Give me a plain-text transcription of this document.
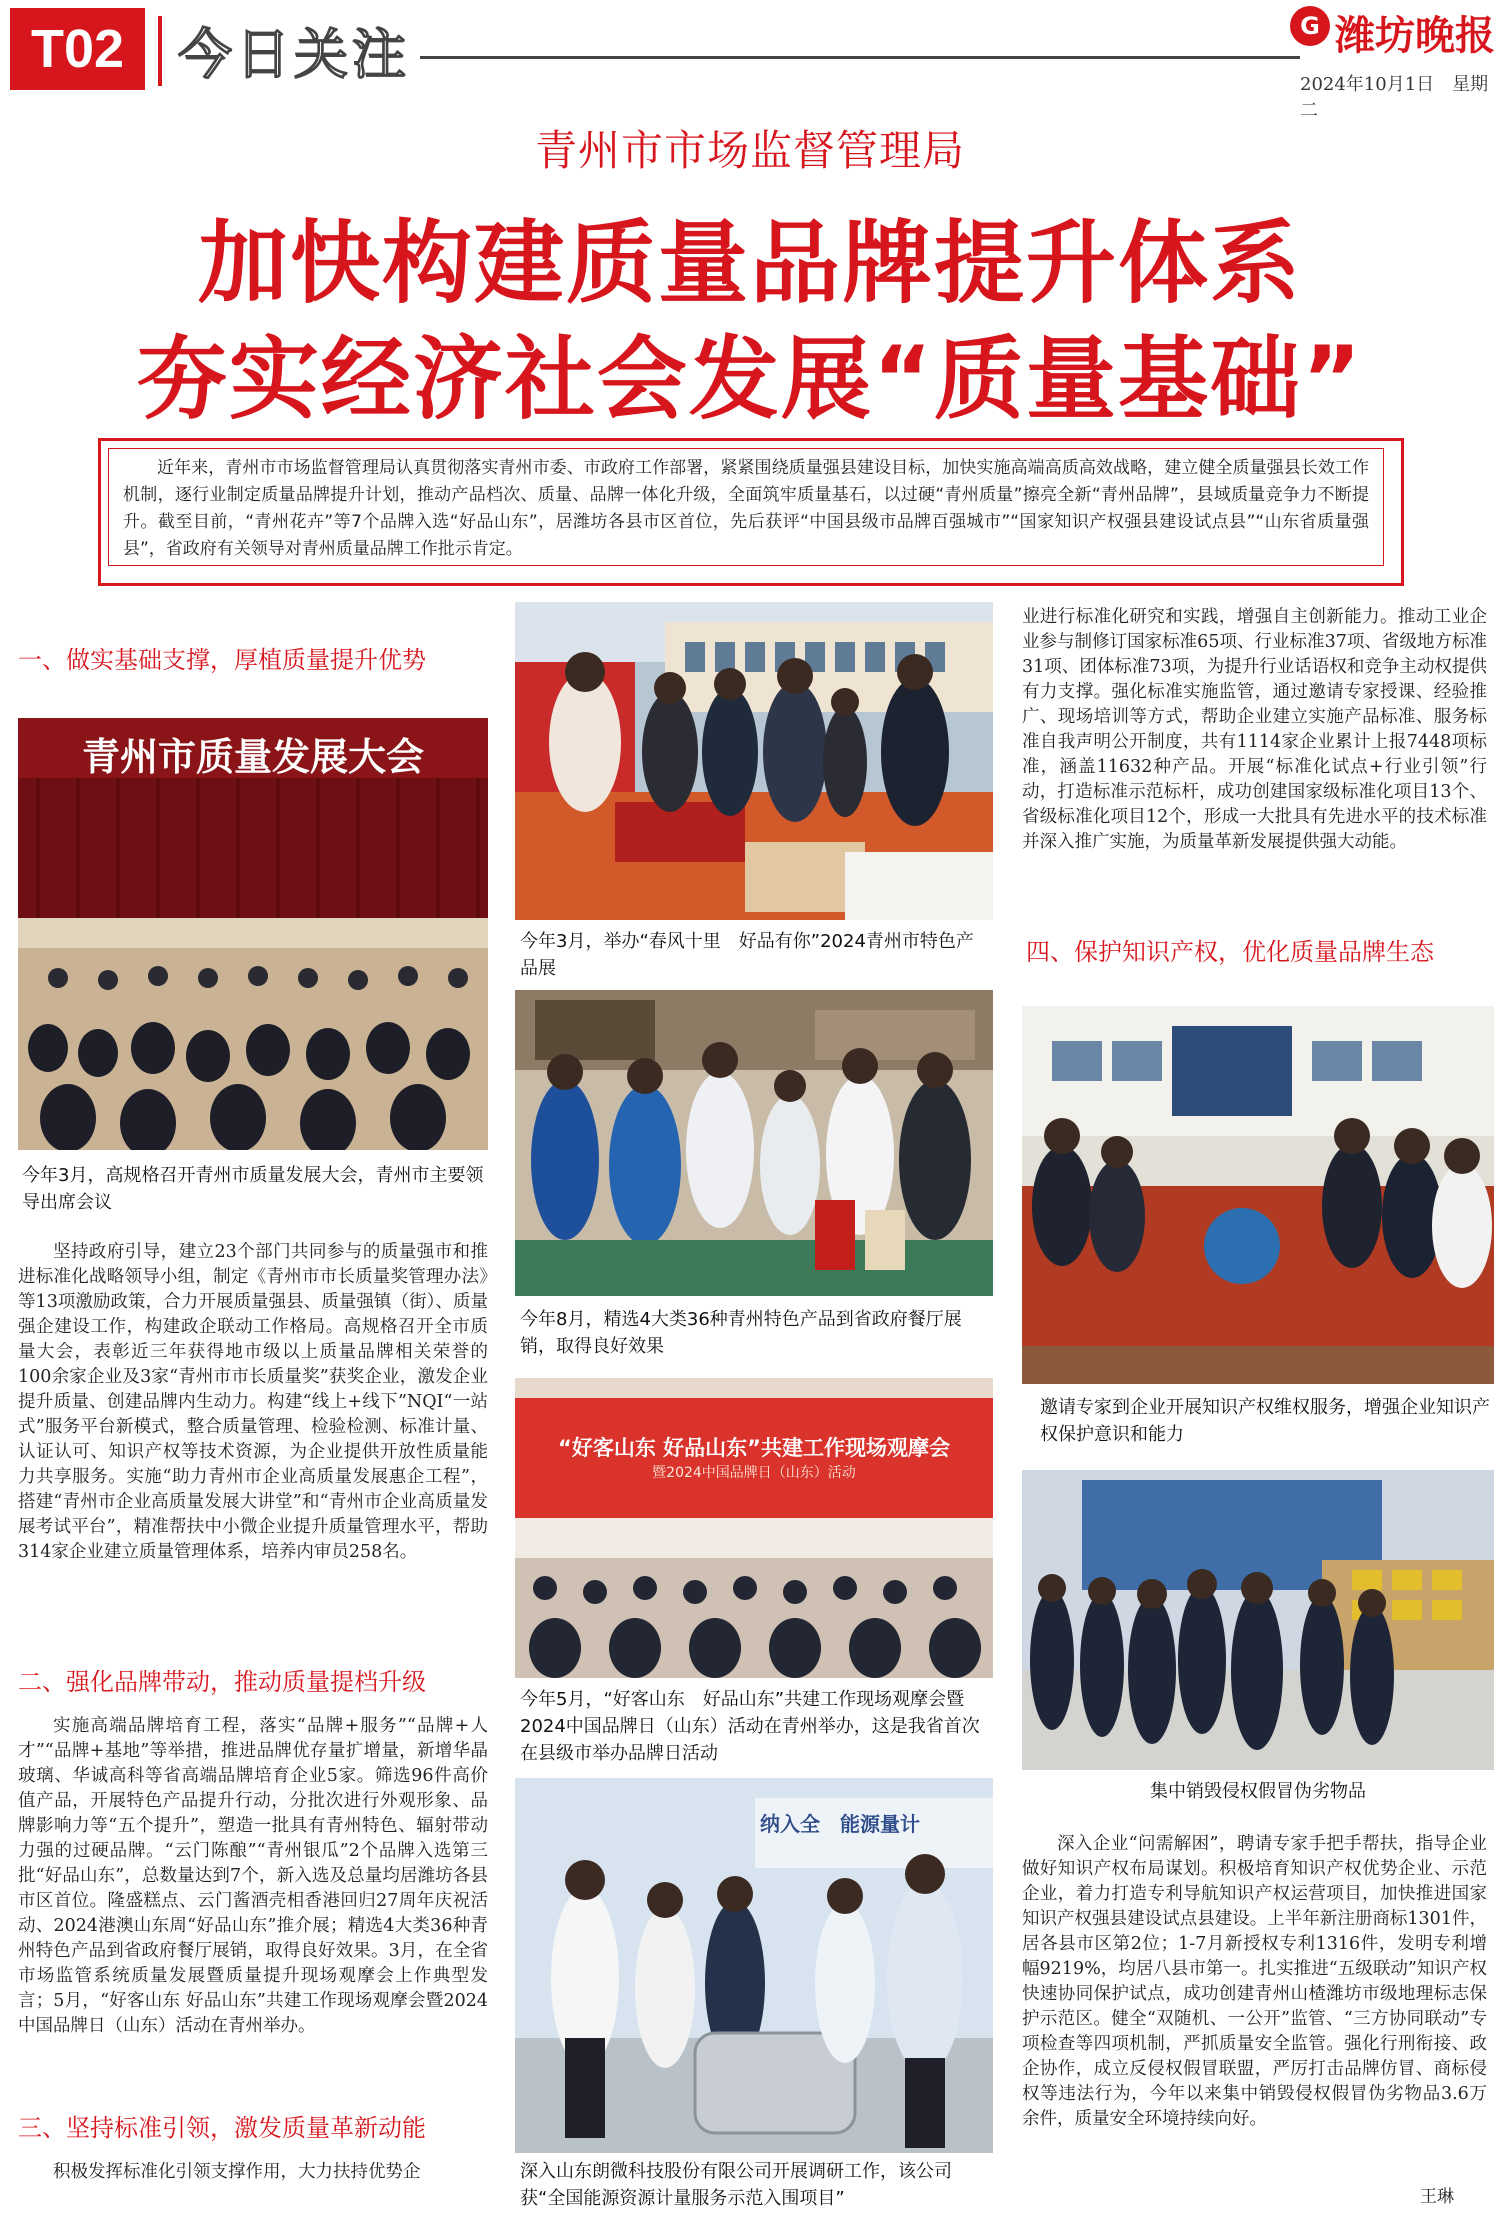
T02 今日关注	G 潍坊晚报
2024年10月1日　星期二
青州市市场监督管理局
加快构建质量品牌提升体系
夯实经济社会发展“质量基础”
近年来，青州市市场监督管理局认真贯彻落实青州市委、市政府工作部署，紧紧围绕质量强县建设目标，加快实施高端高质高效战略，建立健全质量强县长效工作机制，逐行业制定质量品牌提升计划，推动产品档次、质量、品牌一体化升级，全面筑牢质量基石，以过硬“青州质量”擦亮全新“青州品牌”，县域质量竞争力不断提升。截至目前，“青州花卉”等7个品牌入选“好品山东”，居潍坊各县市区首位，先后获评“中国县级市品牌百强城市”“国家知识产权强县建设试点县”“山东省质量强县”，省政府有关领导对青州质量品牌工作批示肯定。
一、做实基础支撑，厚植质量提升优势
青州市质量发展大会
今年3月，高规格召开青州市质量发展大会，青州市主要领导出席会议
坚持政府引导，建立23个部门共同参与的质量强市和推进标准化战略领导小组，制定《青州市市长质量奖管理办法》等13项激励政策，合力开展质量强县、质量强镇（街）、质量强企建设工作，构建政企联动工作格局。高规格召开全市质量大会，表彰近三年获得地市级以上质量品牌相关荣誉的100余家企业及3家“青州市市长质量奖”获奖企业，激发企业提升质量、创建品牌内生动力。构建“线上+线下”NQI“一站式”服务平台新模式，整合质量管理、检验检测、标准计量、认证认可、知识产权等技术资源，为企业提供开放性质量能力共享服务。实施“助力青州市企业高质量发展惠企工程”，搭建“青州市企业高质量发展大讲堂”和“青州市企业高质量发展考试平台”，精准帮扶中小微企业提升质量管理水平，帮助314家企业建立质量管理体系，培养内审员258名。
二、强化品牌带动，推动质量提档升级
实施高端品牌培育工程，落实“品牌+服务”“品牌+人才”“品牌+基地”等举措，推进品牌优存量扩增量，新增华晶玻璃、华诚高科等省高端品牌培育企业5家。筛选96件高价值产品，开展特色产品提升行动，分批次进行外观形象、品牌影响力等“五个提升”，塑造一批具有青州特色、辐射带动力强的过硬品牌。“云门陈酿”“青州银瓜”2个品牌入选第三批“好品山东”，总数量达到7个，新入选及总量均居潍坊各县市区首位。隆盛糕点、云门酱酒壳相香港回归27周年庆祝活动、2024港澳山东周“好品山东”推介展；精选4大类36种青州特色产品到省政府餐厅展销，取得良好效果。3月，在全省市场监管系统质量发展暨质量提升现场观摩会上作典型发言；5月，“好客山东 好品山东”共建工作现场观摩会暨2024中国品牌日（山东）活动在青州举办。
三、坚持标准引领，激发质量革新动能
积极发挥标准化引领支撑作用，大力扶持优势企
今年3月，举办“春风十里　好品有你”2024青州市特色产品展
今年8月，精选4大类36种青州特色产品到省政府餐厅展销，取得良好效果
“好客山东 好品山东”共建工作现场观摩会
暨2024中国品牌日（山东）活动
今年5月，“好客山东　好品山东”共建工作现场观摩会暨2024中国品牌日（山东）活动在青州举办，这是我省首次在县级市举办品牌日活动
纳入全　能源量计
深入山东朗微科技股份有限公司开展调研工作，该公司获“全国能源资源计量服务示范入围项目”
业进行标准化研究和实践，增强自主创新能力。推动工业企业参与制修订国家标准65项、行业标准37项、省级地方标准31项、团体标准73项，为提升行业话语权和竞争主动权提供有力支撑。强化标准实施监管，通过邀请专家授课、经验推广、现场培训等方式，帮助企业建立实施产品标准、服务标准自我声明公开制度，共有1114家企业累计上报7448项标准，涵盖11632种产品。开展“标准化试点+行业引领”行动，打造标准示范标杆，成功创建国家级标准化项目13个、省级标准化项目12个，形成一大批具有先进水平的技术标准并深入推广实施，为质量革新发展提供强大动能。
四、保护知识产权，优化质量品牌生态
邀请专家到企业开展知识产权维权服务，增强企业知识产权保护意识和能力
集中销毁侵权假冒伪劣物品
深入企业“问需解困”，聘请专家手把手帮扶，指导企业做好知识产权布局谋划。积极培育知识产权优势企业、示范企业，着力打造专利导航知识产权运营项目，加快推进国家知识产权强县建设试点县建设。上半年新注册商标1301件，居各县市区第2位；1-7月新授权专利1316件，发明专利增幅9219%，均居八县市第一。扎实推进“五级联动”知识产权快速协同保护试点，成功创建青州山楂潍坊市级地理标志保护示范区。健全“双随机、一公开”监管、“三方协同联动”专项检查等四项机制，严抓质量安全监管。强化行刑衔接、政企协作，成立反侵权假冒联盟，严厉打击品牌仿冒、商标侵权等违法行为，今年以来集中销毁侵权假冒伪劣物品3.6万余件，质量安全环境持续向好。
王琳
